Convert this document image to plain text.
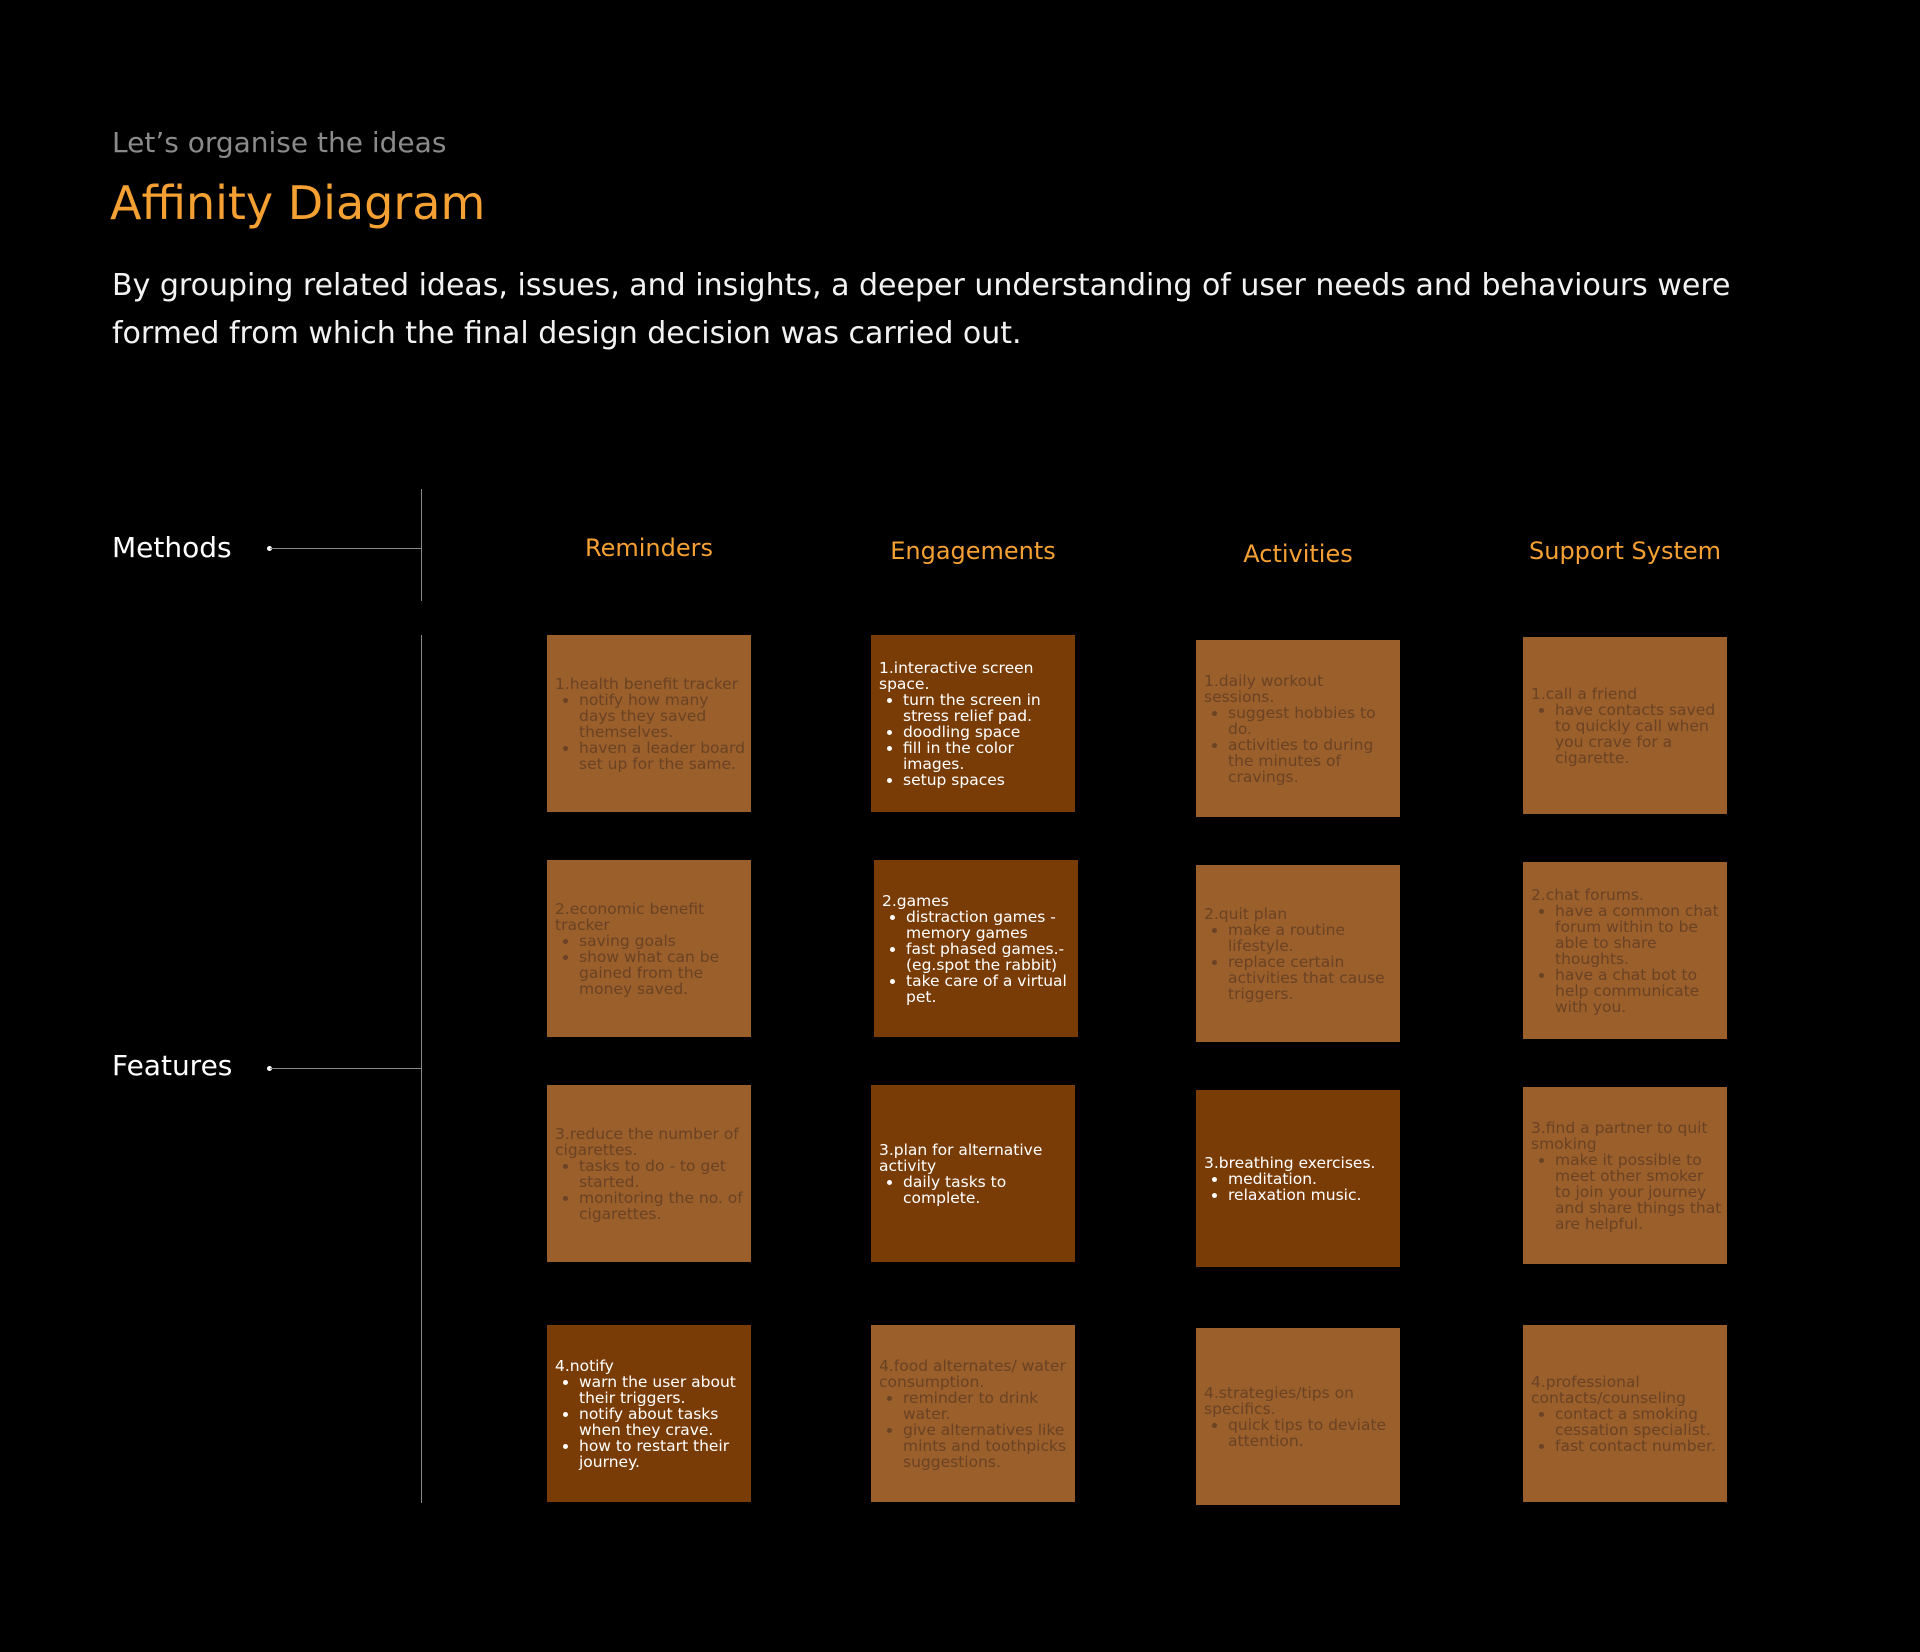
Let’s organise the ideas

Affinity Diagram

By grouping related ideas, issues, and insights, a deeper understanding of user needs and behaviours were formed from which the final design decision was carried out.

Methods
Features
Reminders	Engagements	Activities	Support System
1.health benefit tracker
• notify how many days they saved themselves.
• haven a leader board set up for the same.
2.economic benefit tracker
• saving goals
• show what can be gained from the money saved.
3.reduce the number of cigarettes.
• tasks to do - to get started.
• monitoring the no. of cigarettes.
4.notify
• warn the user about their triggers.
• notify about tasks when they crave.
• how to restart their journey.
1.interactive screen space.
• turn the screen in stress relief pad.
• doodling space
• fill in the color images.
• setup spaces
2.games
• distraction games - memory games
• fast phased games.- (eg.spot the rabbit)
• take care of a virtual pet.
3.plan for alternative activity
• daily tasks to complete.
4.food alternates/ water consumption.
• reminder to drink water.
• give alternatives like mints and toothpicks suggestions.
1.daily workout sessions.
• suggest hobbies to do.
• activities to during the minutes of cravings.
2.quit plan
• make a routine lifestyle.
• replace certain activities that cause triggers.
3.breathing exercises.
• meditation.
• relaxation music.
4.strategies/tips on specifics.
• quick tips to deviate attention.
1.call a friend
• have contacts saved to quickly call when you crave for a cigarette.
2.chat forums.
• have a common chat forum within to be able to share thoughts.
• have a chat bot to help communicate with you.
3.find a partner to quit smoking
• make it possible to meet other smoker to join your journey and share things that are helpful.
4.professional contacts/counseling
• contact a smoking cessation specialist.
• fast contact number.
